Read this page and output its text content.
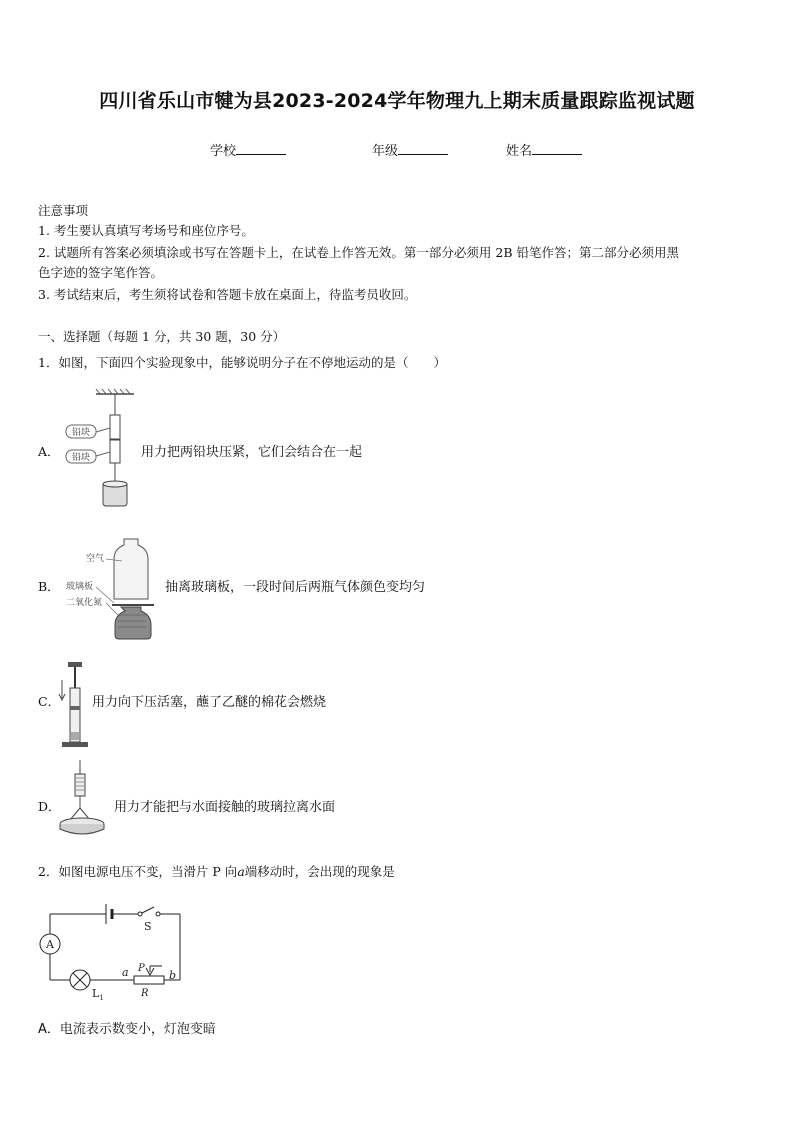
四川省乐山市犍为县2023-2024学年物理九上期末质量跟踪监视试题
学校	年级	姓名
注意事项
1. 考生要认真填写考场号和座位序号。
2. 试题所有答案必须填涂或书写在答题卡上，在试卷上作答无效。第一部分必须用 2B 铅笔作答；第二部分必须用黑
色字迹的签字笔作答。
3. 考试结束后，考生须将试卷和答题卡放在桌面上，待监考员收回。
一、选择题（每题 1 分，共 30 题，30 分）
1．如图，下面四个实验现象中，能够说明分子在不停地运动的是（　　）
A．
铅块
铅块	用力把两铅块压紧，它们会结合在一起
B．
空气
玻璃板
二氧化氮
抽离玻璃板，一段时间后两瓶气体颜色变均匀
C． 用力向下压活塞，蘸了乙醚的棉花会燃烧
D．	用力才能把与水面接触的玻璃拉离水面
2．如图电源电压不变，当滑片 P 向a端移动时，会出现的现象是
S
A
$L_1$
a	b
P
R
A．电流表示数变小，灯泡变暗
